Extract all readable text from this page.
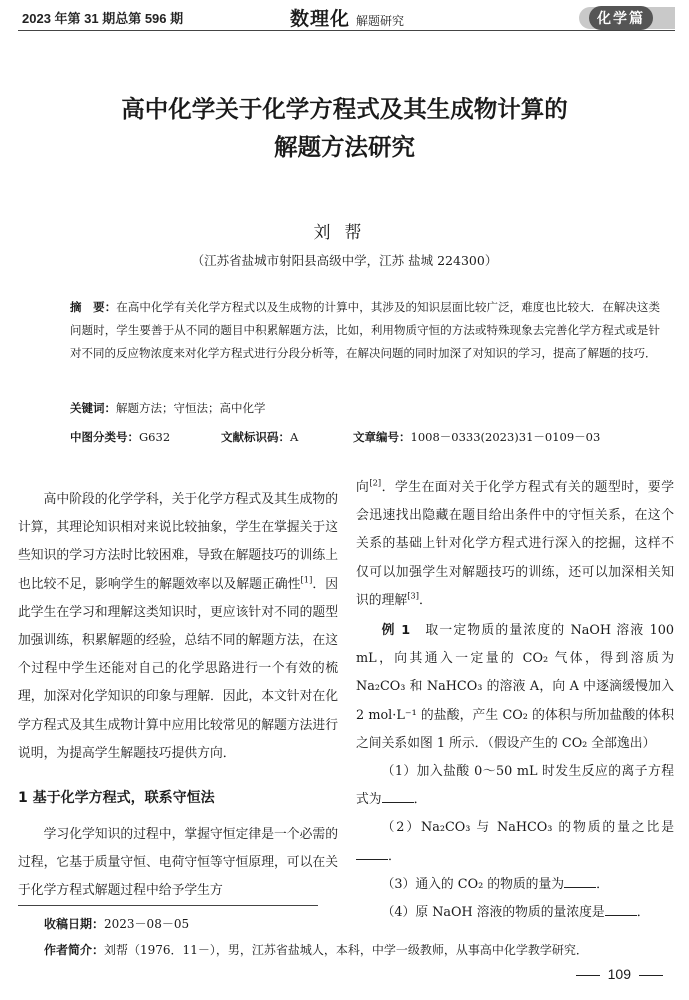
2023 年第 31 期总第 596 期	数理化 解题研究	化学篇
高中化学关于化学方程式及其生成物计算的
解题方法研究
刘帮
（江苏省盐城市射阳县高级中学，江苏 盐城 224300）
摘　要：在高中化学有关化学方程式以及生成物的计算中，其涉及的知识层面比较广泛，难度也比较大．在解决这类问题时，学生要善于从不同的题目中积累解题方法，比如，利用物质守恒的方法或特殊现象去完善化学方程式或是针对不同的反应物浓度来对化学方程式进行分段分析等，在解决问题的同时加深了对知识的学习，提高了解题的技巧．
关键词：解题方法；守恒法；高中化学
中图分类号：G632	文献标识码：A	文章编号：1008－0333(2023)31－0109－03

高中阶段的化学学科，关于化学方程式及其生成物的计算，其理论知识相对来说比较抽象，学生在掌握关于这些知识的学习方法时比较困难，导致在解题技巧的训练上也比较不足，影响学生的解题效率以及解题正确性[1]．因此学生在学习和理解这类知识时，更应该针对不同的题型加强训练，积累解题的经验，总结不同的解题方法，在这个过程中学生还能对自己的化学思路进行一个有效的梳理，加深对化学知识的印象与理解．因此，本文针对在化学方程式及其生成物计算中应用比较常见的解题方法进行说明，为提高学生解题技巧提供方向．

1 基于化学方程式，联系守恒法

学习化学知识的过程中，掌握守恒定律是一个必需的过程，它基于质量守恒、电荷守恒等守恒原理，可以在关于化学方程式解题过程中给予学生方

向[2]．学生在面对关于化学方程式有关的题型时，要学会迅速找出隐藏在题目给出条件中的守恒关系，在这个关系的基础上针对化学方程式进行深入的挖掘，这样不仅可以加强学生对解题技巧的训练，还可以加深相关知识的理解[3]．

例 1　 取一定物质的量浓度的 NaOH 溶液 100 mL，向其通入一定量的 CO₂ 气体，得到溶质为 Na₂CO₃ 和 NaHCO₃ 的溶液 A，向 A 中逐滴缓慢加入 2 mol·L⁻¹ 的盐酸，产生 CO₂ 的体积与所加盐酸的体积之间关系如图 1 所示．（假设产生的 CO₂ 全部逸出）

（1）加入盐酸 0～50 mL 时发生反应的离子方程式为	．

（2）Na₂CO₃ 与 NaHCO₃ 的物质的量之比是．

（3）通入的 CO₂ 的物质的量为	．

（4）原 NaOH 溶液的物质的量浓度是	．

收稿日期：2023－08－05
作者简介：刘帮（1976．11－），男，江苏省盐城人，本科，中学一级教师，从事高中化学教学研究．
109
